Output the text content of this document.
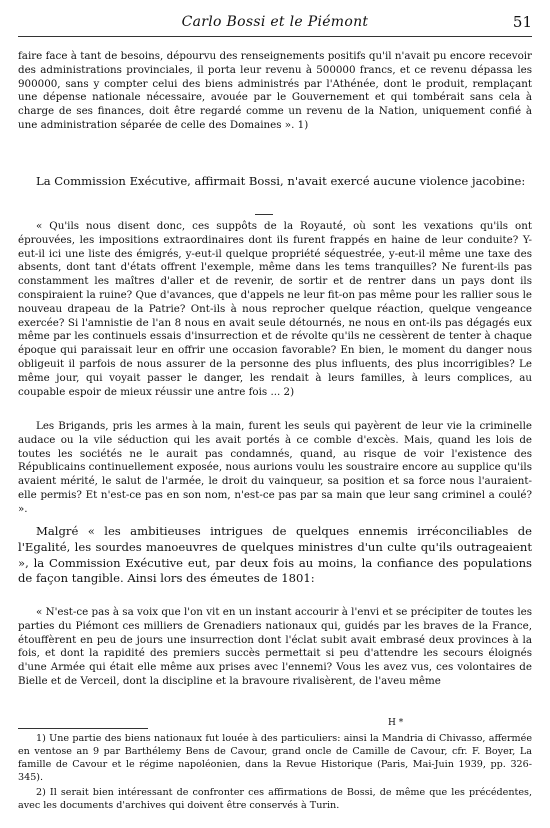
Carlo Bossi et le Piémont	51

faire face à tant de besoins, dépourvu des renseignements positifs qu'il n'avait pu encore recevoir des administrations provinciales, il porta leur revenu à 500000 francs, et ce revenu dépassa les 900000, sans y compter celui des biens administrés par l'Athénée, dont le produit, remplaçant une dépense nationale nécessaire, avouée par le Gouvernement et qui tombérait sans cela à charge de ses finances, doit être regardé comme un revenu de la Nation, uniquement confié à une administration séparée de celle des Domaines ». 1)

La Commission Exécutive, affirmait Bossi, n'avait exercé aucune violence jacobine:

« Qu'ils nous disent donc, ces suppôts de la Royauté, où sont les vexations qu'ils ont éprouvées, les impositions extraordinaires dont ils furent frappés en haine de leur conduite? Y-eut-il ici une liste des émigrés, y-eut-il quelque propriété séquestrée, y-eut-il même une taxe des absents, dont tant d'états offrent l'exemple, même dans les tems tranquilles? Ne furent-ils pas constamment les maîtres d'aller et de revenir, de sortir et de rentrer dans un pays dont ils conspiraient la ruine? Que d'avances, que d'appels ne leur fit-on pas même pour les rallier sous le nouveau drapeau de la Patrie? Ont-ils à nous reprocher quelque réaction, quelque vengeance exercée? Si l'amnistie de l'an 8 nous en avait seule détournés, ne nous en ont-ils pas dégagés eux même par les continuels essais d'insurrection et de révolte qu'ils ne cessèrent de tenter à chaque époque qui paraissait leur en offrir une occasion favorable? En bien, le moment du danger nous obligeuit il parfois de nous assurer de la personne des plus influents, des plus incorrigibles? Le même jour, qui voyait passer le danger, les rendait à leurs familles, à leurs complices, au coupable espoir de mieux réussir une antre fois ... 2)

Les Brigands, pris les armes à la main, furent les seuls qui payèrent de leur vie la criminelle audace ou la vile séduction qui les avait portés à ce comble d'excès. Mais, quand les lois de toutes les sociétés ne le aurait pas condamnés, quand, au risque de voir l'existence des Républicains continuellement exposée, nous aurions voulu les soustraire encore au supplice qu'ils avaient mérité, le salut de l'armée, le droit du vainqueur, sa position et sa force nous l'auraient-elle permis? Et n'est-ce pas en son nom, n'est-ce pas par sa main que leur sang criminel a coulé? ».

Malgré « les ambitieuses intrigues de quelques ennemis irréconciliables de l'Egalité, les sourdes manoeuvres de quelques ministres d'un culte qu'ils outrageaient », la Commission Exécutive eut, par deux fois au moins, la confiance des populations de façon tangible. Ainsi lors des émeutes de 1801:

« N'est-ce pas à sa voix que l'on vit en un instant accourir à l'envi et se précipiter de toutes les parties du Piémont ces milliers de Grenadiers nationaux qui, guidés par les braves de la France, étouffèrent en peu de jours une insurrection dont l'éclat subit avait embrasé deux provinces à la fois, et dont la rapidité des premiers succès permettait si peu d'attendre les secours éloignés d'une Armée qui était elle même aux prises avec l'ennemi? Vous les avez vus, ces volontaires de Bielle et de Verceil, dont la discipline et la bravoure rivalisèrent, de l'aveu même

H *

1) Une partie des biens nationaux fut louée à des particuliers: ainsi la Mandria di Chivasso, affermée en ventose an 9 par Barthélemy Bens de Cavour, grand oncle de Camille de Cavour, cfr. F. Boyer, La famille de Cavour et le régime napoléonien, dans la Revue Historique (Paris, Mai-Juin 1939, pp. 326-345).

2) Il serait bien intéressant de confronter ces affirmations de Bossi, de même que les précédentes, avec les documents d'archives qui doivent être conservés à Turin.
